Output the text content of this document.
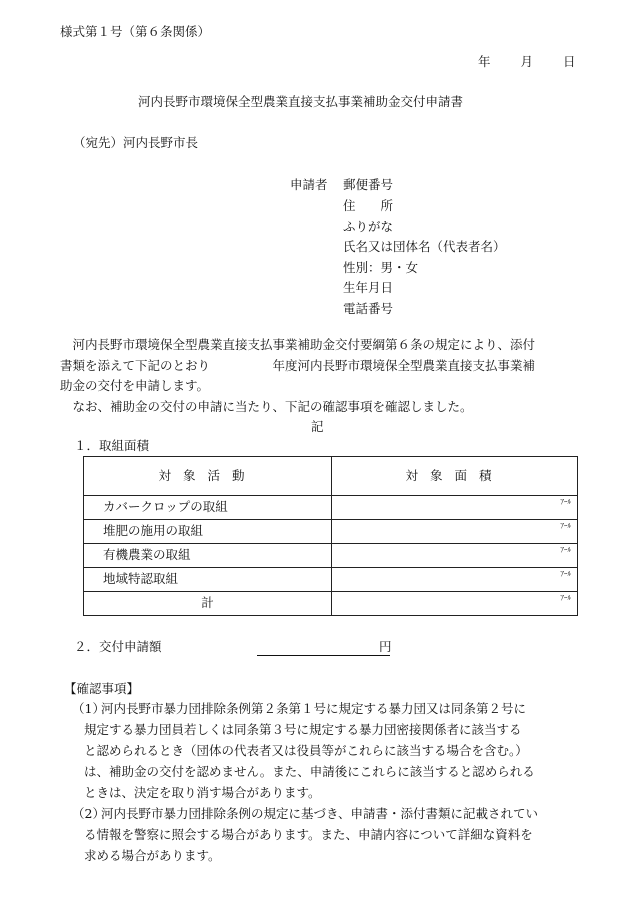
様式第１号（第６条関係）
年 月 日
河内長野市環境保全型農業直接支払事業補助金交付申請書
（宛先）河内長野市長
申請者 郵便番号
住　　所
ふりがな
氏名又は団体名（代表者名）
性別：男・女
生年月日
電話番号
　河内長野市環境保全型農業直接支払事業補助金交付要綱第６条の規定により、添付
書類を添えて下記のとおり　　　　　年度河内長野市環境保全型農業直接支払事業補
助金の交付を申請します。
　なお、補助金の交付の申請に当たり、下記の確認事項を確認しました。
記
１．取組面積
対象活動	対象面積
カバークロップの取組	ｱｰﾙ

堆肥の施用の取組	ｱｰﾙ

有機農業の取組	ｱｰﾙ

地域特認取組	ｱｰﾙ

計	ｱｰﾙ
２．交付申請額	円
【確認事項】
（1）
河内長野市暴力団排除条例第２条第１号に規定する暴力団又は同条第２号に
規定する暴力団員若しくは同条第３号に規定する暴力団密接関係者に該当する
と認められるとき（団体の代表者又は役員等がこれらに該当する場合を含む。）
は、補助金の交付を認めません。また、申請後にこれらに該当すると認められる
ときは、決定を取り消す場合があります。
（2）
河内長野市暴力団排除条例の規定に基づき、申請書・添付書類に記載されてい
る情報を警察に照会する場合があります。また、申請内容について詳細な資料を
求める場合があります。
